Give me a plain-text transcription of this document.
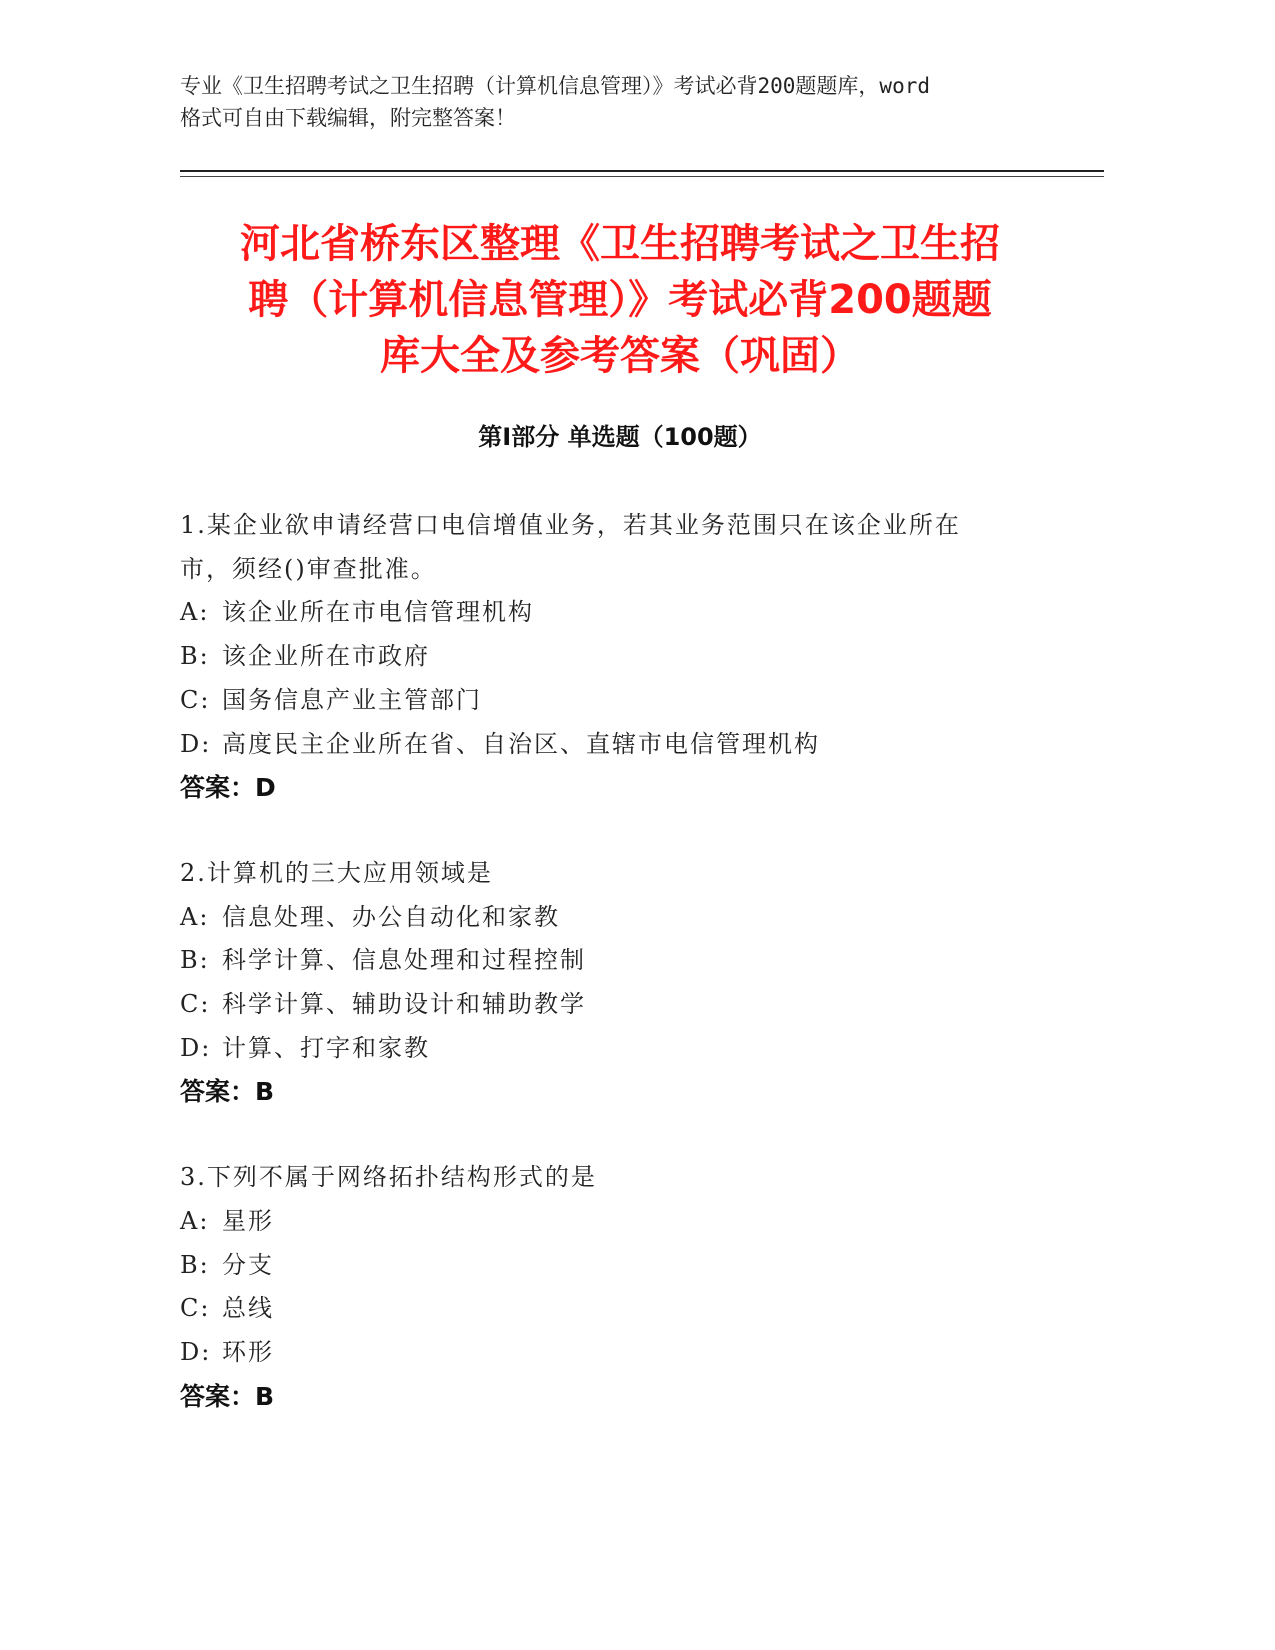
专业《卫生招聘考试之卫生招聘（计算机信息管理）》考试必背200题题库，word
格式可自由下载编辑，附完整答案！
河北省桥东区整理《卫生招聘考试之卫生招
聘（计算机信息管理）》考试必背200题题
库大全及参考答案（巩固）
第Ⅰ部分 单选题（100题）
1.某企业欲申请经营口电信增值业务，若其业务范围只在该企业所在
市，须经()审查批准。
A: 该企业所在市电信管理机构
B: 该企业所在市政府
C: 国务信息产业主管部门
D: 高度民主企业所在省、自治区、直辖市电信管理机构
答案：D
2.计算机的三大应用领域是
A: 信息处理、办公自动化和家教
B: 科学计算、信息处理和过程控制
C: 科学计算、辅助设计和辅助教学
D: 计算、打字和家教
答案：B
3.下列不属于网络拓扑结构形式的是
A: 星形
B: 分支
C: 总线
D: 环形
答案：B
